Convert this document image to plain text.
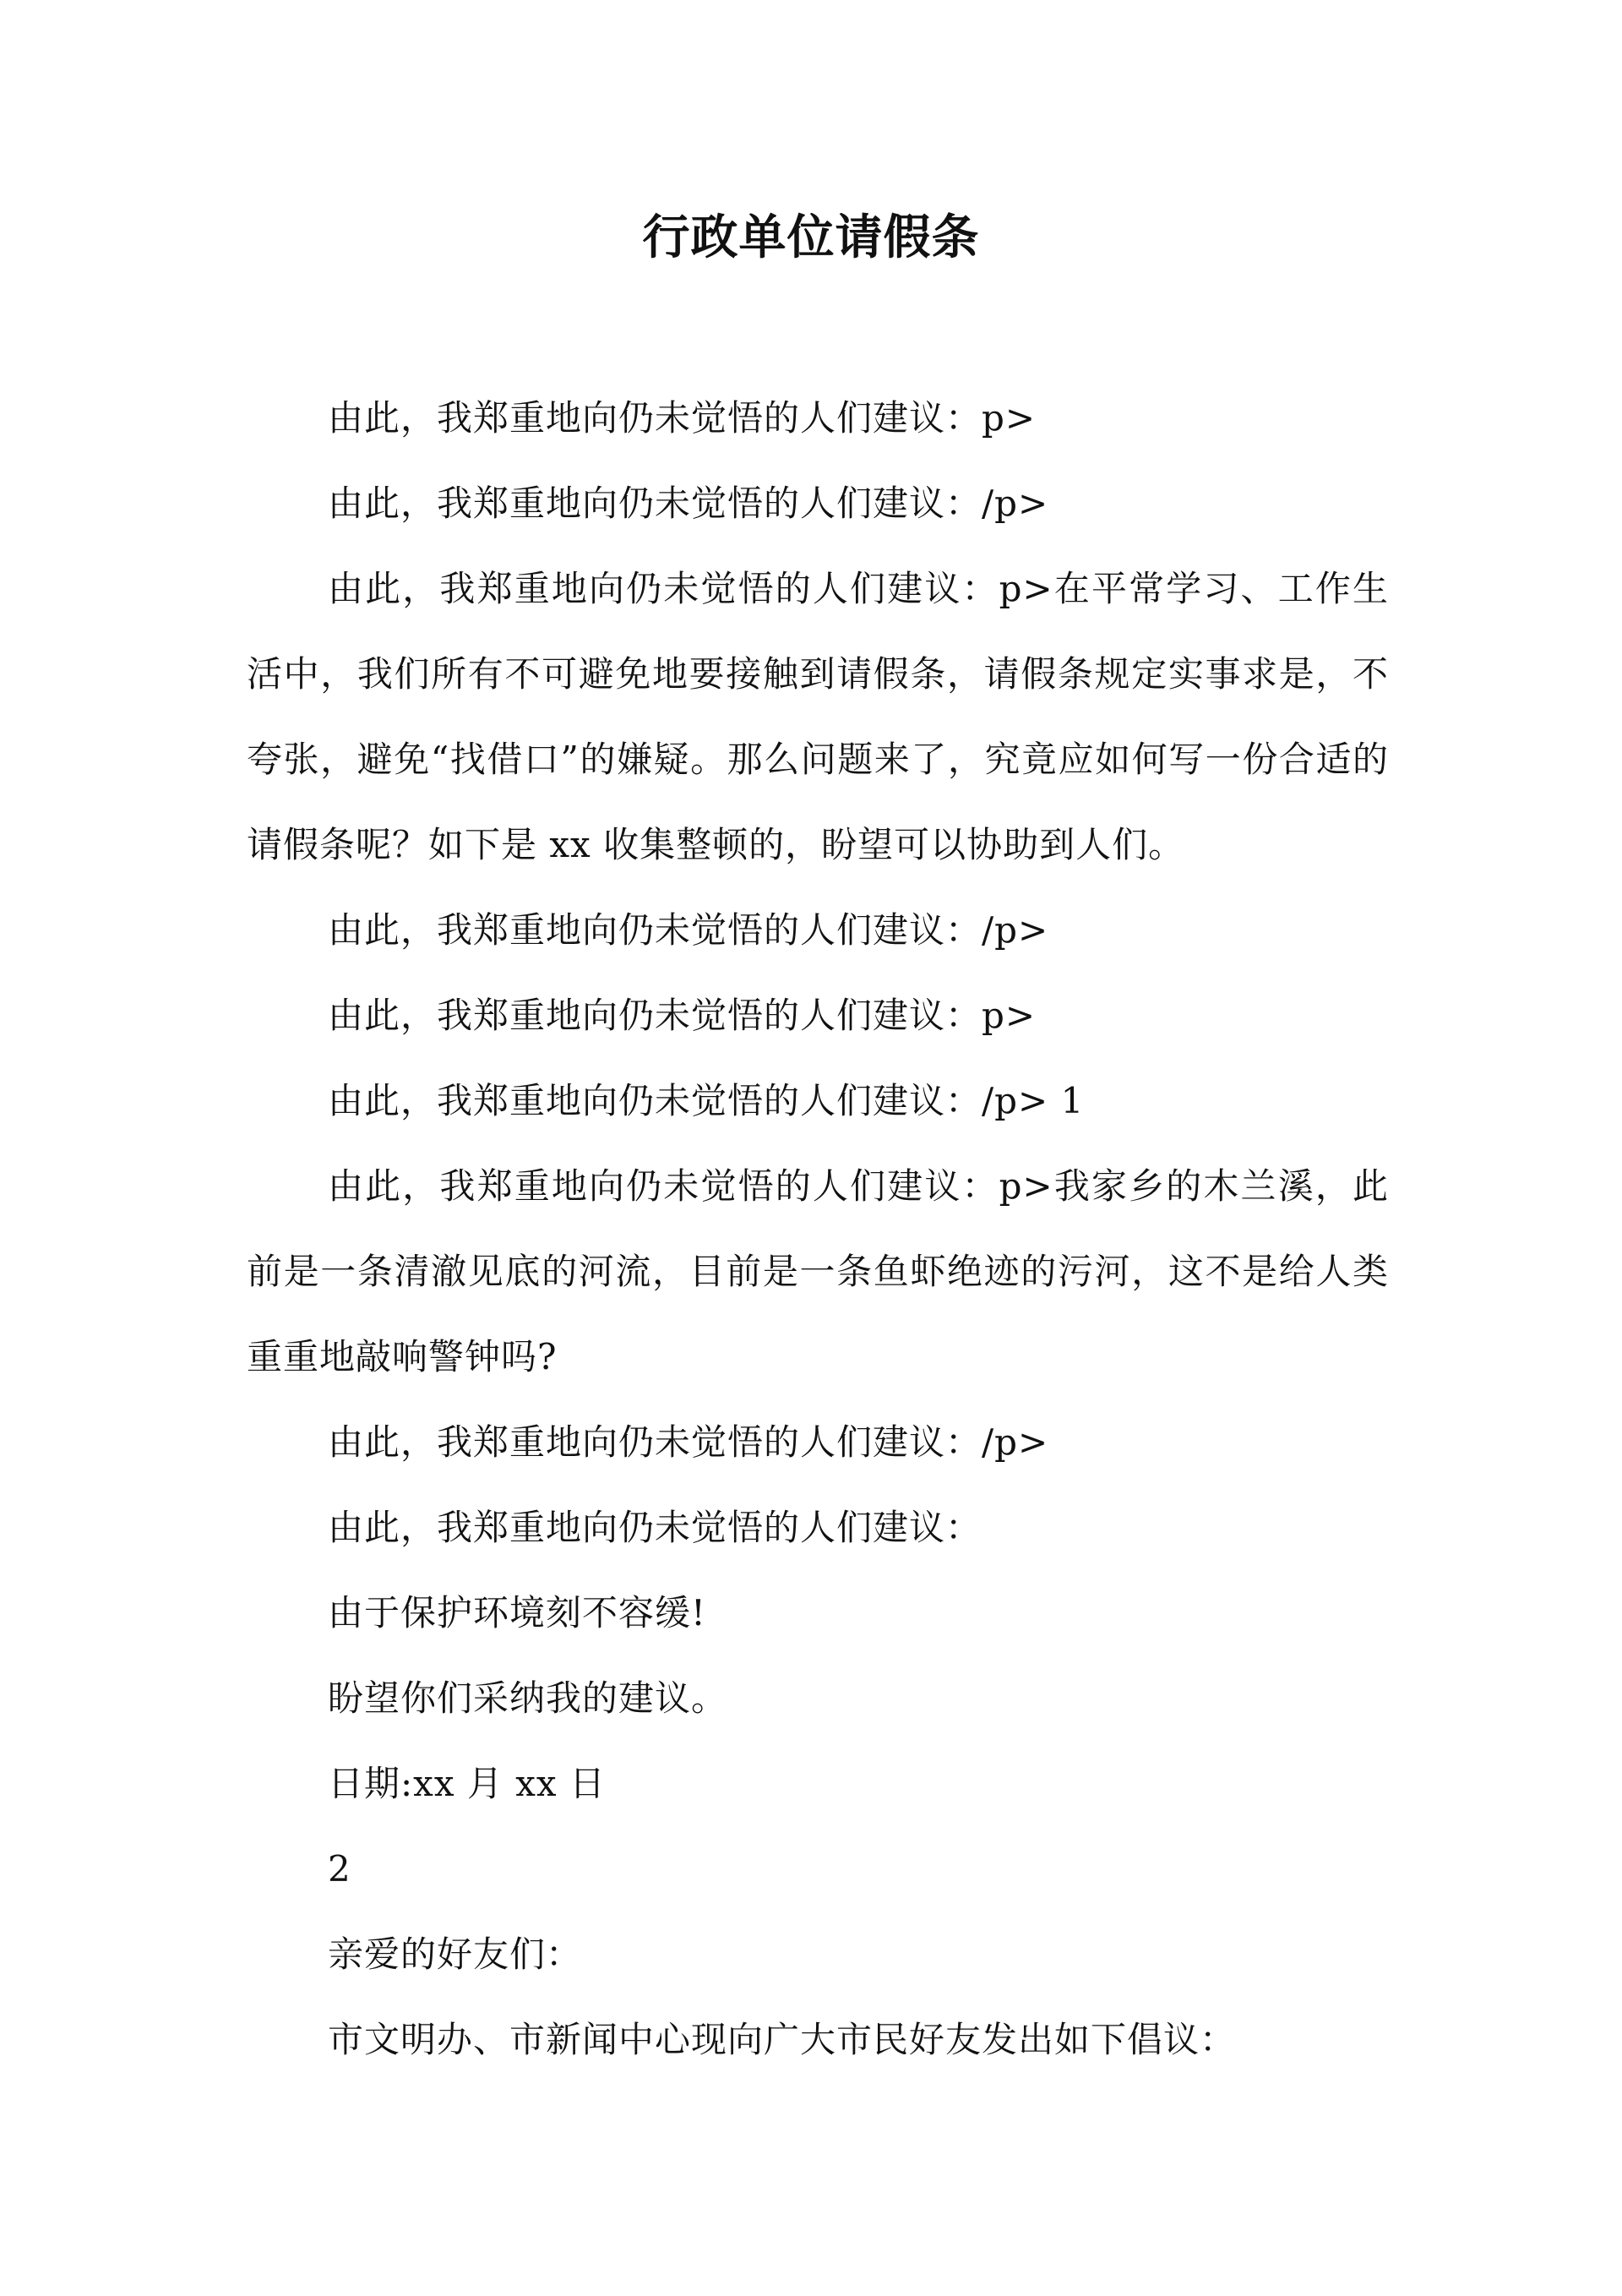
行政单位请假条

由此，我郑重地向仍未觉悟的人们建议：p>

由此，我郑重地向仍未觉悟的人们建议：/p>

由此，我郑重地向仍未觉悟的人们建议：p>在平常学习、工作生活中，我们所有不可避免地要接触到请假条，请假条规定实事求是，不夸张，避免“找借口”的嫌疑。那么问题来了，究竟应如何写一份合适的请假条呢？如下是 xx 收集整顿的，盼望可以协助到人们。

由此，我郑重地向仍未觉悟的人们建议：/p>

由此，我郑重地向仍未觉悟的人们建议：p>

由此，我郑重地向仍未觉悟的人们建议：/p> 1

由此，我郑重地向仍未觉悟的人们建议：p>我家乡的木兰溪，此前是一条清澈见底的河流，目前是一条鱼虾绝迹的污河，这不是给人类重重地敲响警钟吗?

由此，我郑重地向仍未觉悟的人们建议：/p>

由此，我郑重地向仍未觉悟的人们建议：

由于保护环境刻不容缓!

盼望你们采纳我的建议。

日期:xx 月 xx 日

2

亲爱的好友们：

市文明办、市新闻中心现向广大市民好友发出如下倡议：
